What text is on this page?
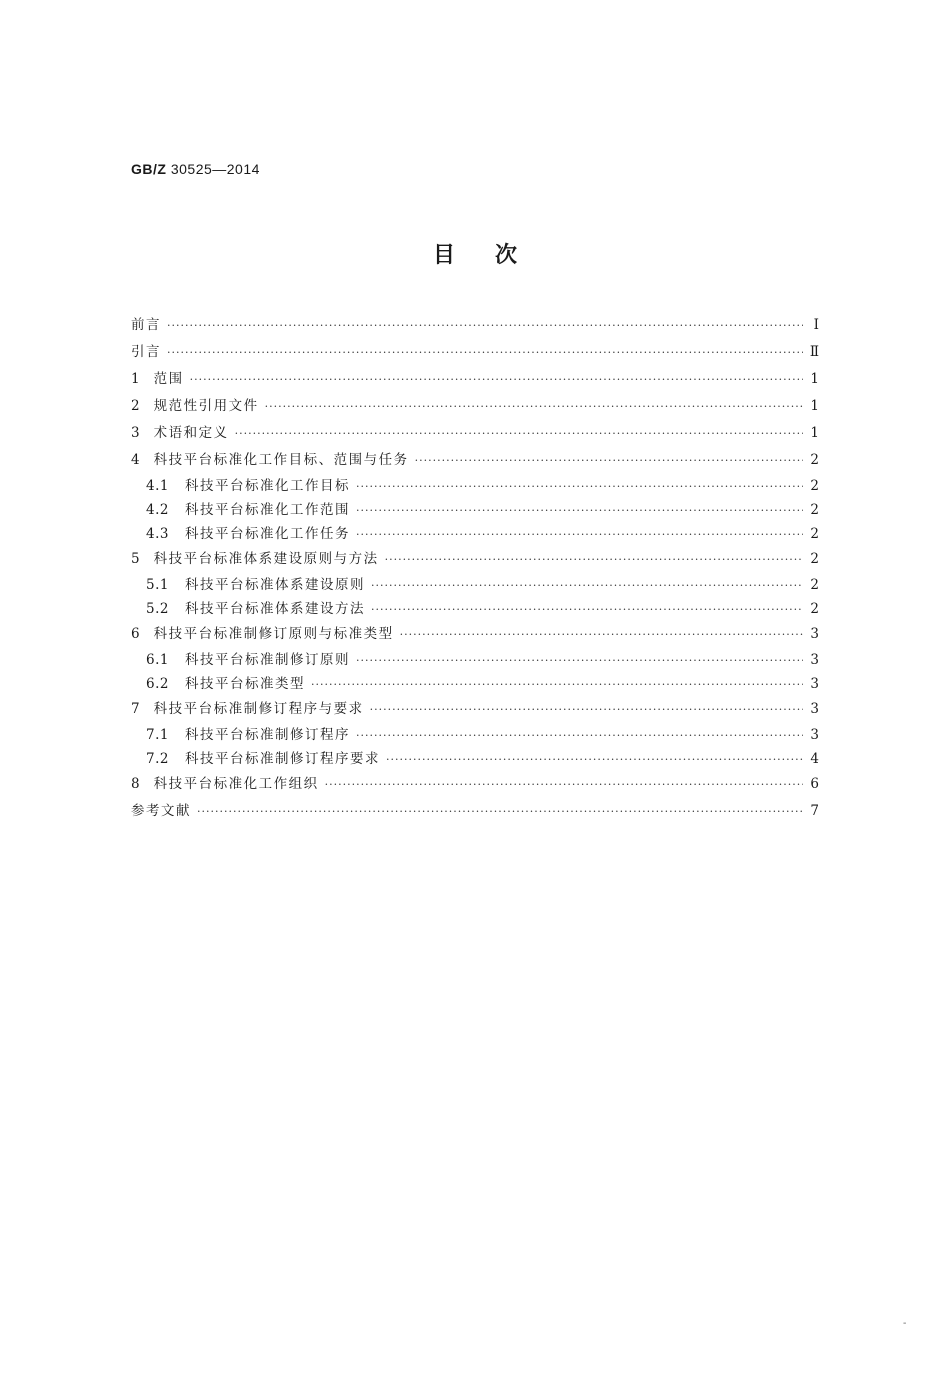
GB/Z 30525—2014
目次
前言 ·····	Ⅰ
引言 ·····	Ⅱ
1 范围 ·····	1
2 规范性引用文件 ·····	1
3 术语和定义 ·····	1
4 科技平台标准化工作目标、范围与任务 ·····	2
4.1 科技平台标准化工作目标 ·····	2
4.2 科技平台标准化工作范围 ·····	2
4.3 科技平台标准化工作任务 ·····	2
5 科技平台标准体系建设原则与方法 ·····	2
5.1 科技平台标准体系建设原则 ·····	2
5.2 科技平台标准体系建设方法 ·····	2
6 科技平台标准制修订原则与标准类型 ·····	3
6.1 科技平台标准制修订原则 ·····	3
6.2 科技平台标准类型 ·····	3
7 科技平台标准制修订程序与要求 ·····	3
7.1 科技平台标准制修订程序 ·····	3
7.2 科技平台标准制修订程序要求 ·····	4
8 科技平台标准化工作组织 ·····	6
参考文献 ·····	7
-
